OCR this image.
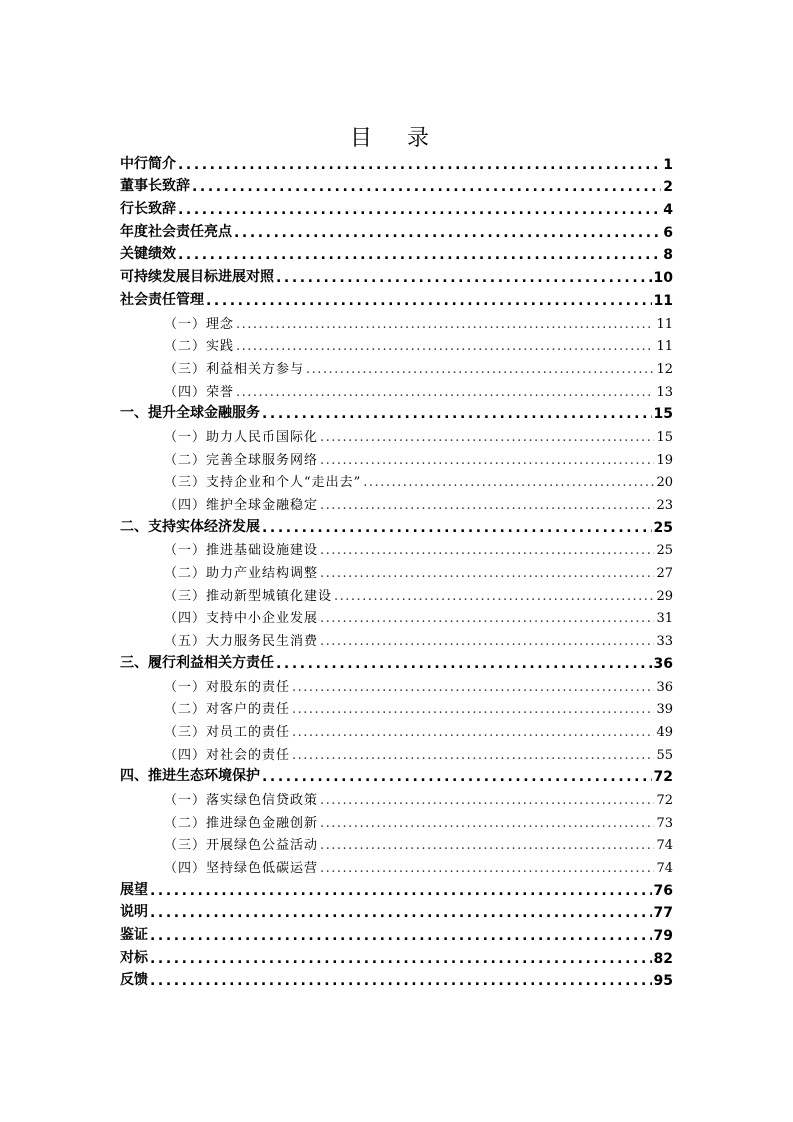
目 录
中行简介 .....	1
董事长致辞 .....	2
行长致辞 .....	4
年度社会责任亮点 .....	6
关键绩效 .....	8
可持续发展目标进展对照 .....	10
社会责任管理 .....	11
（一）理念 .....	11
（二）实践 .....	11
（三）利益相关方参与 .....	12
（四）荣誉 .....	13
一、提升全球金融服务 .....	15
（一）助力人民币国际化 .....	15
（二）完善全球服务网络 .....	19
（三）支持企业和个人“走出去” .....	20
（四）维护全球金融稳定 .....	23
二、支持实体经济发展 .....	25
（一）推进基础设施建设 .....	25
（二）助力产业结构调整 .....	27
（三）推动新型城镇化建设 .....	29
（四）支持中小企业发展 .....	31
（五）大力服务民生消费 .....	33
三、履行利益相关方责任 .....	36
（一）对股东的责任 .....	36
（二）对客户的责任 .....	39
（三）对员工的责任 .....	49
（四）对社会的责任 .....	55
四、推进生态环境保护 .....	72
（一）落实绿色信贷政策 .....	72
（二）推进绿色金融创新 .....	73
（三）开展绿色公益活动 .....	74
（四）坚持绿色低碳运营 .....	74
展望 .....	76
说明 .....	77
鉴证 .....	79
对标 .....	82
反馈 .....	95
